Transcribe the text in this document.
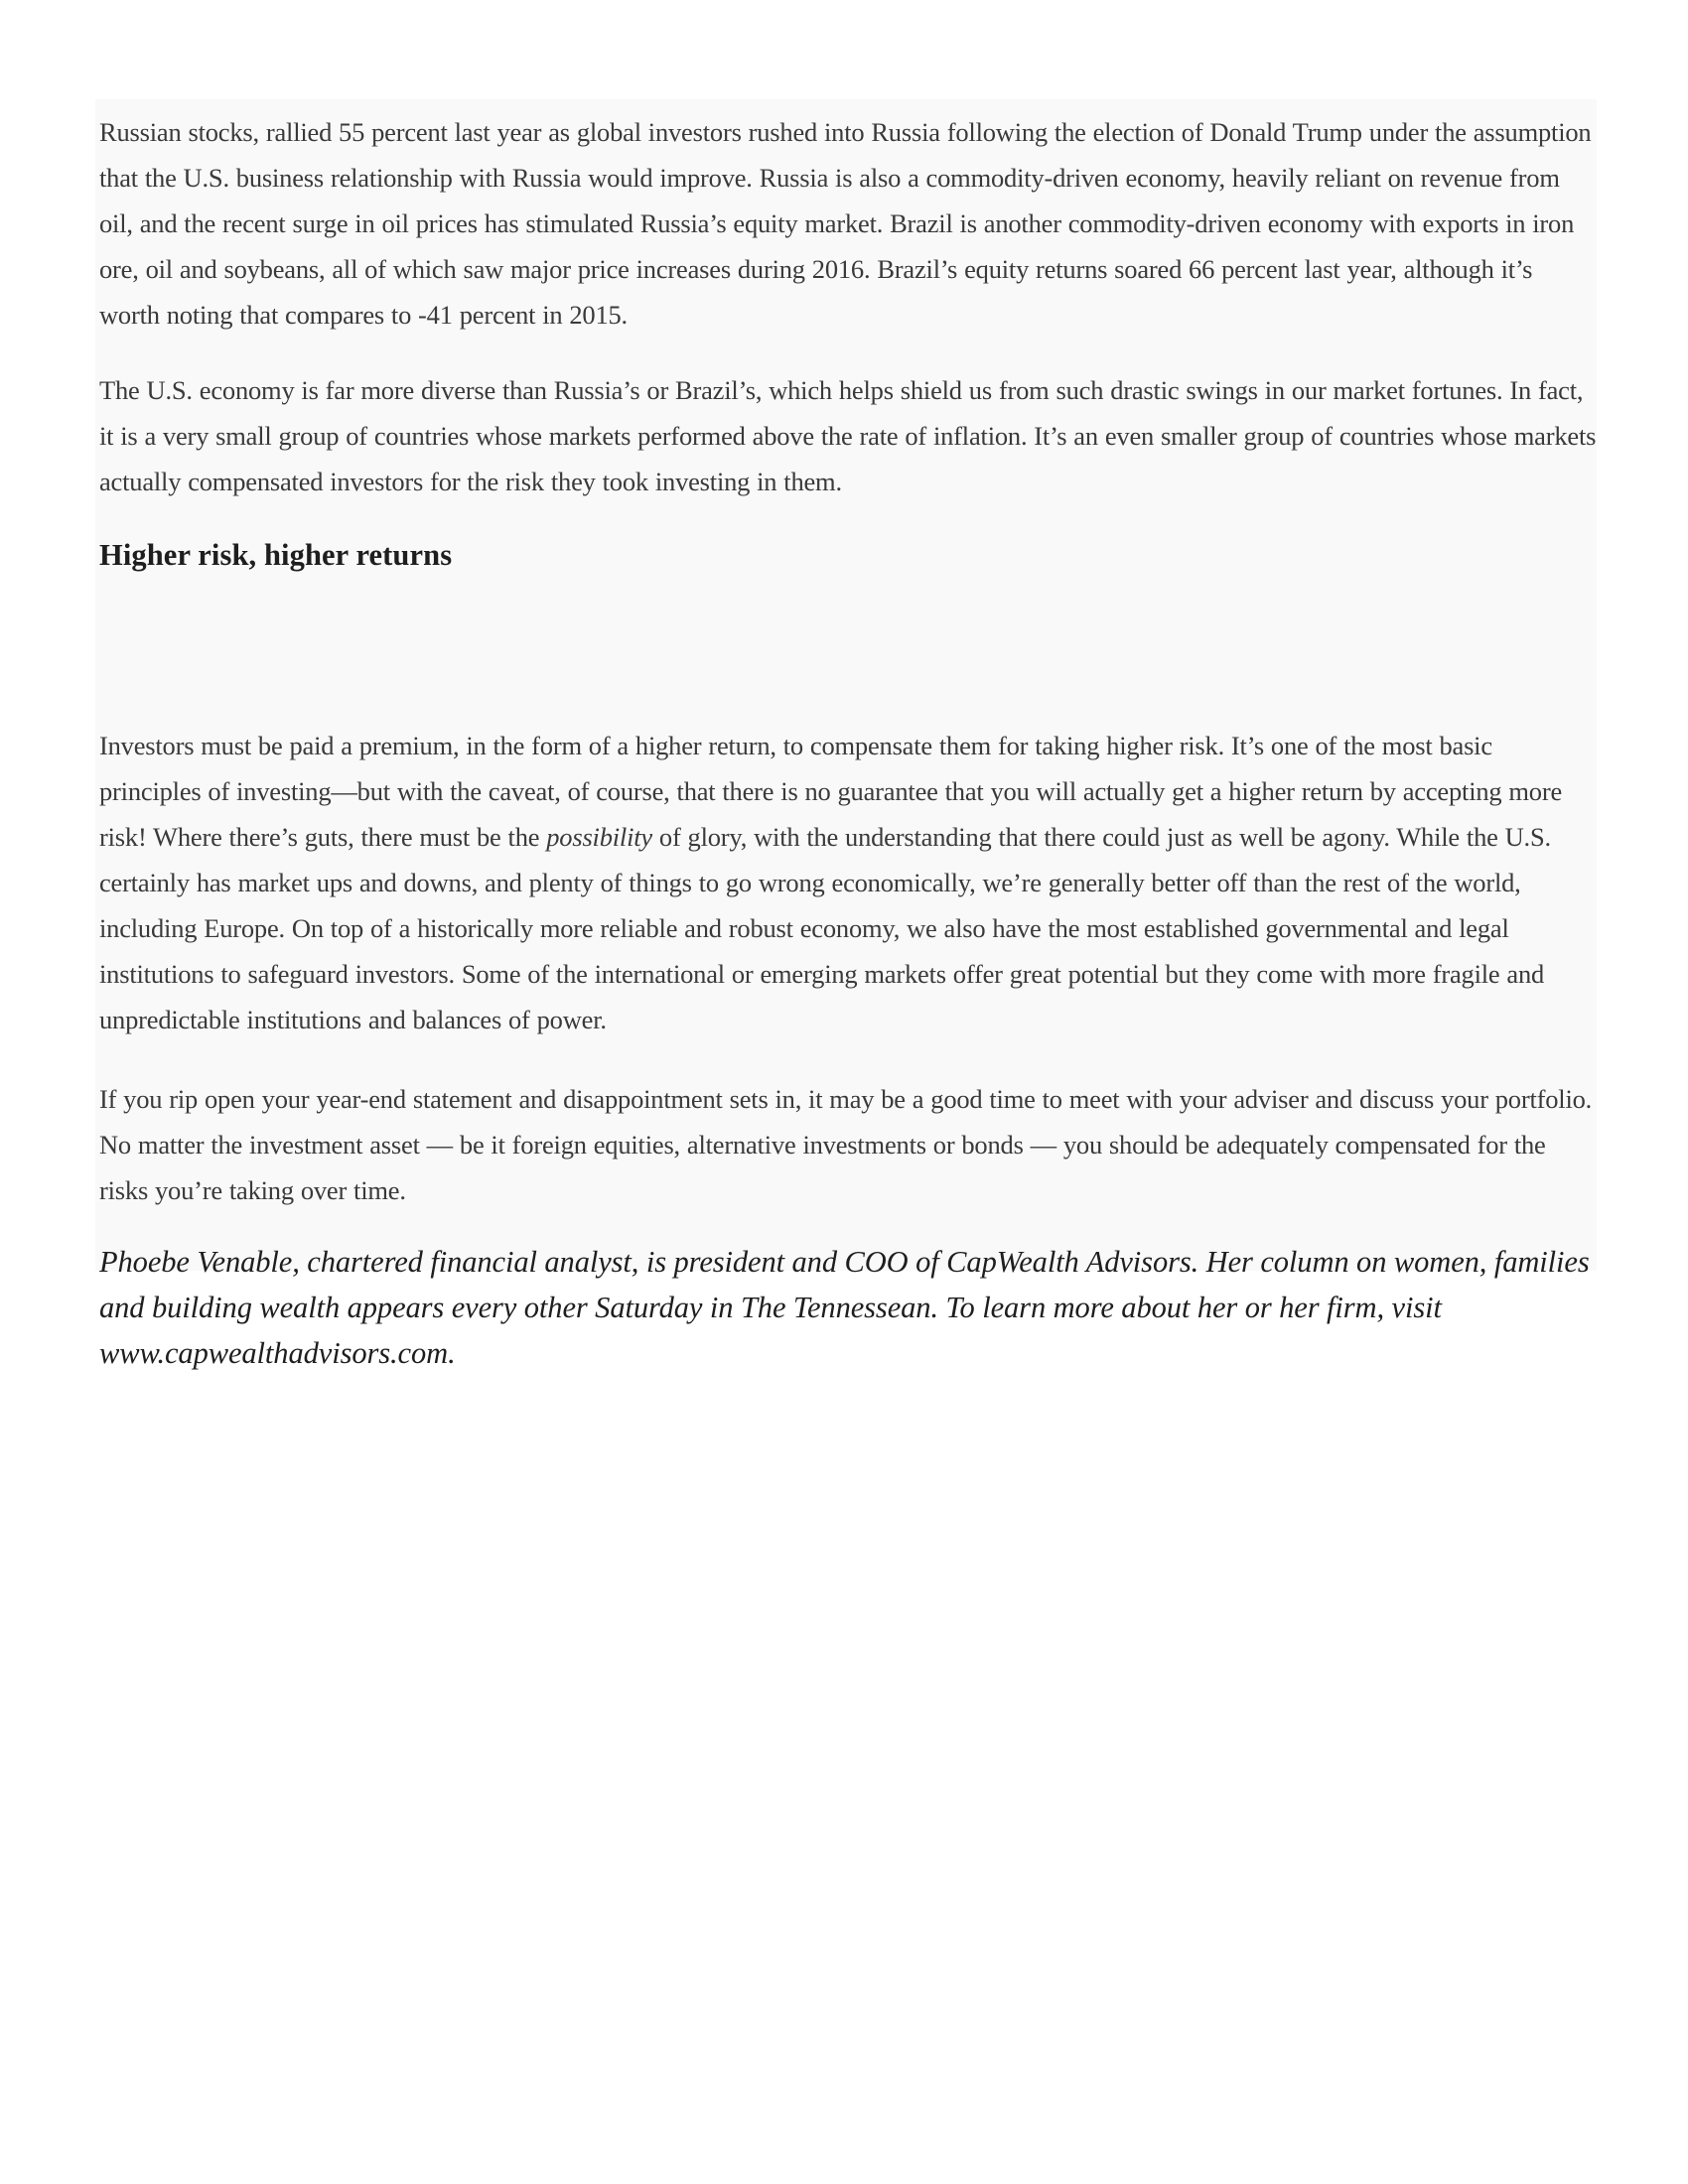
Russian stocks, rallied 55 percent last year as global investors rushed into Russia following the election of Donald Trump under the assumption that the U.S. business relationship with Russia would improve. Russia is also a commodity-driven economy, heavily reliant on revenue from oil, and the recent surge in oil prices has stimulated Russia’s equity market. Brazil is another commodity-driven economy with exports in iron ore, oil and soybeans, all of which saw major price increases during 2016. Brazil’s equity returns soared 66 percent last year, although it’s worth noting that compares to -41 percent in 2015.

The U.S. economy is far more diverse than Russia’s or Brazil’s, which helps shield us from such drastic swings in our market fortunes. In fact, it is a very small group of countries whose markets performed above the rate of inflation. It’s an even smaller group of countries whose markets actually compensated investors for the risk they took investing in them.

Higher risk, higher returns

Investors must be paid a premium, in the form of a higher return, to compensate them for taking higher risk. It’s one of the most basic principles of investing—but with the caveat, of course, that there is no guarantee that you will actually get a higher return by accepting more risk! Where there’s guts, there must be the possibility of glory, with the understanding that there could just as well be agony. While the U.S. certainly has market ups and downs, and plenty of things to go wrong economically, we’re generally better off than the rest of the world, including Europe. On top of a historically more reliable and robust economy, we also have the most established governmental and legal institutions to safeguard investors. Some of the international or emerging markets offer great potential but they come with more fragile and unpredictable institutions and balances of power.

If you rip open your year-end statement and disappointment sets in, it may be a good time to meet with your adviser and discuss your portfolio. No matter the investment asset — be it foreign equities, alternative investments or bonds — you should be adequately compensated for the risks you’re taking over time.

Phoebe Venable, chartered financial analyst, is president and COO of CapWealth Advisors. Her column on women, families and building wealth appears every other Saturday in The Tennessean. To learn more about her or her firm, visit www.capwealthadvisors.com.
